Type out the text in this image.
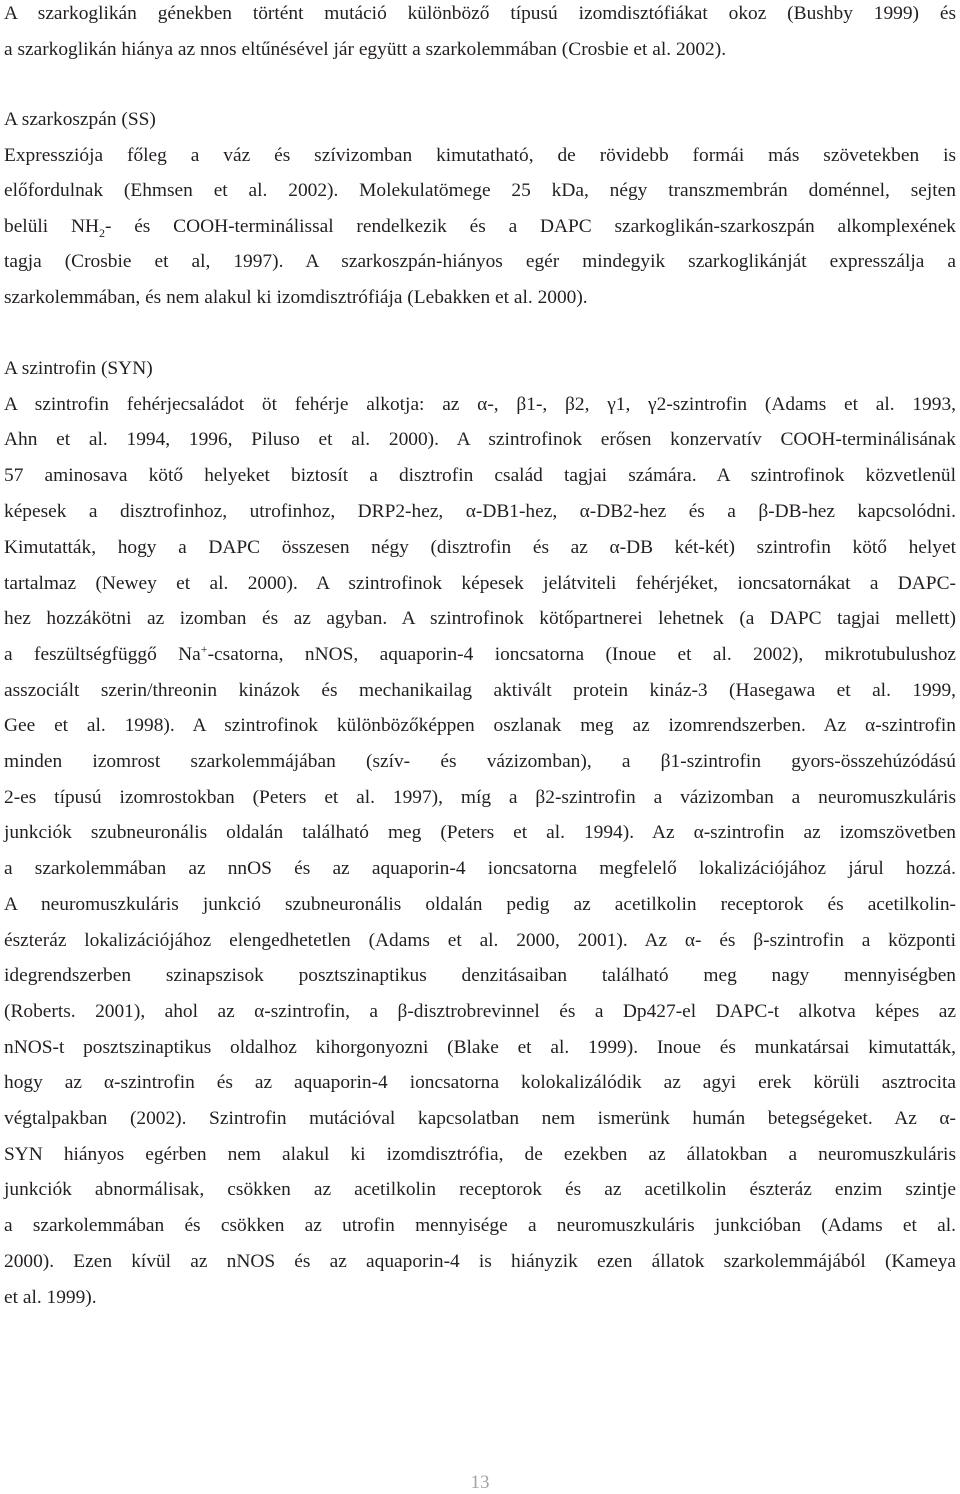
A szarkoglikán génekben történt mutáció különböző típusú izomdisztófiákat okoz (Bushby 1999) és
a szarkoglikán hiánya az nnos eltűnésével jár együtt a szarkolemmában (Crosbie et al. 2002).
A szarkoszpán (SS)
Expressziója főleg a váz és szívizomban kimutatható, de rövidebb formái más szövetekben is
előfordulnak (Ehmsen et al. 2002). Molekulatömege 25 kDa, négy transzmembrán doménnel, sejten
belüli $NH_2-$ és COOH-terminálissal rendelkezik és a DAPC szarkoglikán-szarkoszpán alkomplexének
tagja (Crosbie et al, 1997). A szarkoszpán-hiányos egér mindegyik szarkoglikánját expresszálja a
szarkolemmában, és nem alakul ki izomdisztrófiája (Lebakken et al. 2000).
A szintrofin (SYN)
A szintrofin fehérjecsaládot öt fehérje alkotja: az α-, β1-, β2, γ1, γ2-szintrofin (Adams et al. 1993,
Ahn et al. 1994, 1996, Piluso et al. 2000). A szintrofinok erősen konzervatív COOH-terminálisának
57 aminosava kötő helyeket biztosít a disztrofin család tagjai számára. A szintrofinok közvetlenül
képesek a disztrofinhoz, utrofinhoz, DRP2-hez, α-DB1-hez, α-DB2-hez és a β-DB-hez kapcsolódni.
Kimutatták, hogy a DAPC összesen négy (disztrofin és az α-DB két-két) szintrofin kötő helyet
tartalmaz (Newey et al. 2000). A szintrofinok képesek jelátviteli fehérjéket, ioncsatornákat a DAPC-
hez hozzákötni az izomban és az agyban. A szintrofinok kötőpartnerei lehetnek (a DAPC tagjai mellett)
a feszültségfüggő Na+-csatorna, nNOS, aquaporin-4 ioncsatorna (Inoue et al. 2002), mikrotubulushoz
asszociált szerin/threonin kinázok és mechanikailag aktivált protein kináz-3 (Hasegawa et al. 1999,
Gee et al. 1998). A szintrofinok különbözőképpen oszlanak meg az izomrendszerben. Az α-szintrofin
minden izomrost szarkolemmájában (szív- és vázizomban), a β1-szintrofin gyors-összehúzódású
2-es típusú izomrostokban (Peters et al. 1997), míg a β2-szintrofin a vázizomban a neuromuszkuláris
junkciók szubneuronális oldalán található meg (Peters et al. 1994). Az α-szintrofin az izomszövetben
a szarkolemmában az nnOS és az aquaporin-4 ioncsatorna megfelelő lokalizációjához járul hozzá.
A neuromuszkuláris junkció szubneuronális oldalán pedig az acetilkolin receptorok és acetilkolin-
észteráz lokalizációjához elengedhetetlen (Adams et al. 2000, 2001). Az α- és β-szintrofin a központi
idegrendszerben szinapszisok posztszinaptikus denzitásaiban található meg nagy mennyiségben
(Roberts. 2001), ahol az α-szintrofin, a β-disztrobrevinnel és a Dp427-el DAPC-t alkotva képes az
nNOS-t posztszinaptikus oldalhoz kihorgonyozni (Blake et al. 1999). Inoue és munkatársai kimutatták,
hogy az α-szintrofin és az aquaporin-4 ioncsatorna kolokalizálódik az agyi erek körüli asztrocita
végtalpakban (2002). Szintrofin mutációval kapcsolatban nem ismerünk humán betegségeket. Az α-
SYN hiányos egérben nem alakul ki izomdisztrófia, de ezekben az állatokban a neuromuszkuláris
junkciók abnormálisak, csökken az acetilkolin receptorok és az acetilkolin észteráz enzim szintje
a szarkolemmában és csökken az utrofin mennyisége a neuromuszkuláris junkcióban (Adams et al.
2000). Ezen kívül az nNOS és az aquaporin-4 is hiányzik ezen állatok szarkolemmájából (Kameya
et al. 1999).
13
